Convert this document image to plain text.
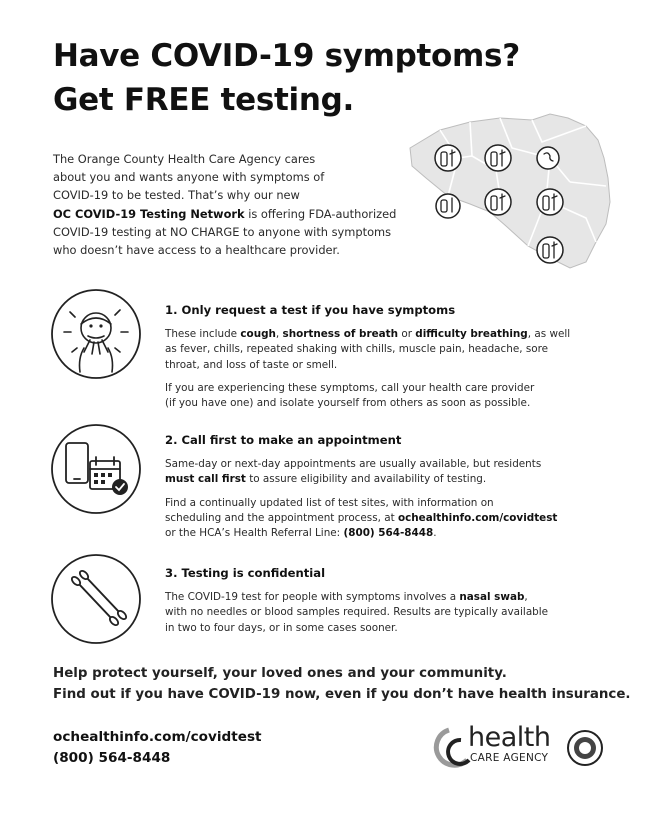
Have COVID-19 symptoms?
Get FREE testing.
The Orange County Health Care Agency cares
about you and wants anyone with symptoms of
COVID-19 to be tested. That’s why our new
OC COVID-19 Testing Network is offering FDA-authorized
COVID-19 testing at NO CHARGE to anyone with symptoms
who doesn’t have access to a healthcare provider.
1. Only request a test if you have symptoms

These include cough, shortness of breath or difficulty breathing, as well
as fever, chills, repeated shaking with chills, muscle pain, headache, sore
throat, and loss of taste or smell.

If you are experiencing these symptoms, call your health care provider
(if you have one) and isolate yourself from others as soon as possible.

2. Call first to make an appointment

Same-day or next-day appointments are usually available, but residents
must call first to assure eligibility and availability of testing.

Find a continually updated list of test sites, with information on
scheduling and the appointment process, at ochealthinfo.com/covidtest
or the HCA’s Health Referral Line: (800) 564-8448.

3. Testing is confidential

The COVID-19 test for people with symptoms involves a nasal swab,
with no needles or blood samples required. Results are typically available
in two to four days, or in some cases sooner.

Help protect yourself, your loved ones and your community.
Find out if you have COVID-19 now, even if you don’t have health insurance.
ochealthinfo.com/covidtest
(800) 564-8448
health
CARE AGENCY
